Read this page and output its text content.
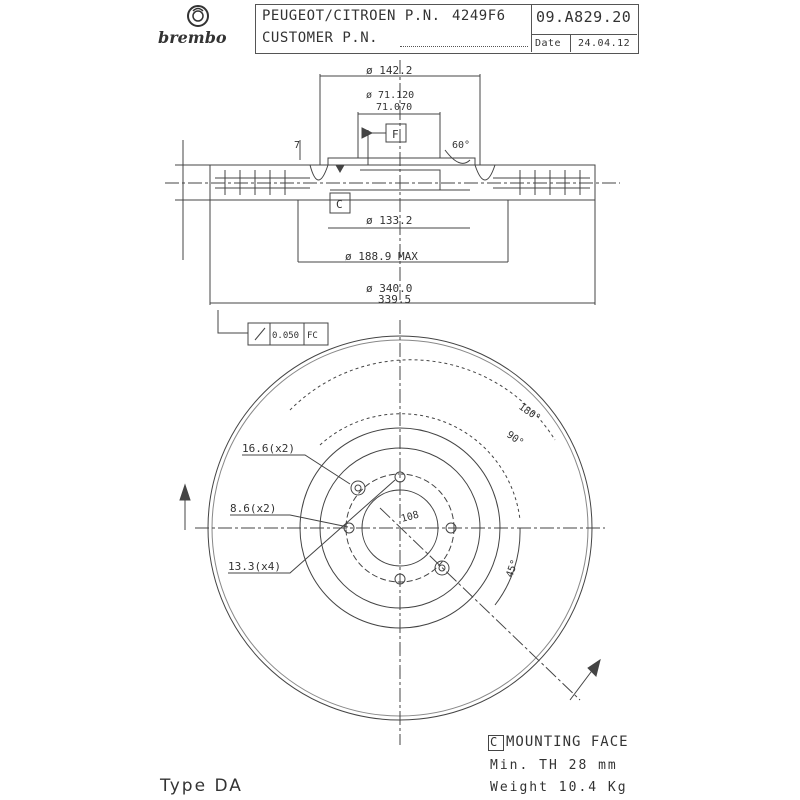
brembo
PEUGEOT/CITROEN P.N. 4249F6
CUSTOMER P.N.
09.A829.20
Date 24.04.12
ø 142.2
ø 71.120
71.070
60°
F
C
ø 133.2
ø 188.9 MAX
ø 340.0
339.5
7
0.050 FC
16.6(x2)
8.6(x2)
13.3(x4)
108
180°
90°
45°
Type DA
C MOUNTING FACE
Min. TH 28 mm
Weight 10.4 Kg
